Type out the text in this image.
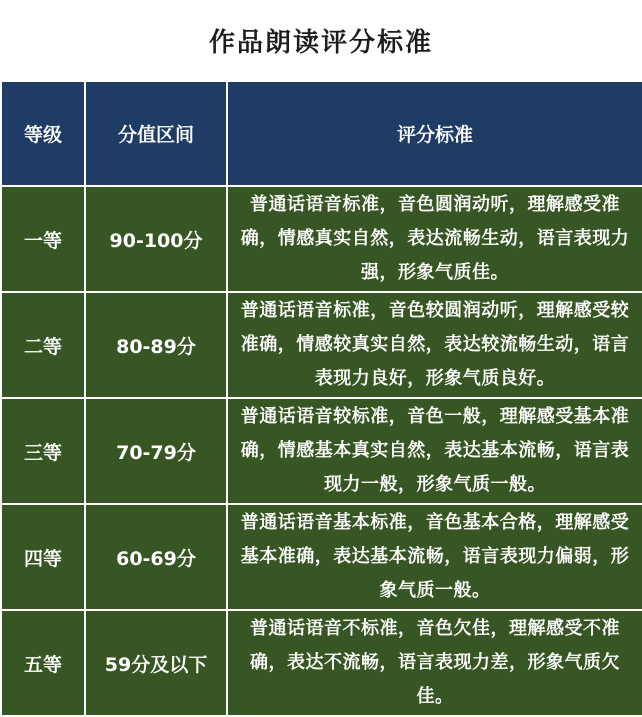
作品朗读评分标准
等级	分值区间	评分标准
一等	90-100分	普通话语音标准，音色圆润动听，理解感受准确，情感真实自然，表达流畅生动，语言表现力强，形象气质佳。
二等	80-89分	普通话语音标准，音色较圆润动听，理解感受较准确，情感较真实自然，表达较流畅生动，语言表现力良好，形象气质良好。
三等	70-79分	普通话语音较标准，音色一般，理解感受基本准确，情感基本真实自然，表达基本流畅，语言表现力一般，形象气质一般。
四等	60-69分	普通话语音基本标准，音色基本合格，理解感受基本准确，表达基本流畅，语言表现力偏弱，形象气质一般。
五等	59分及以下	普通话语音不标准，音色欠佳，理解感受不准确，表达不流畅，语言表现力差，形象气质欠佳。
